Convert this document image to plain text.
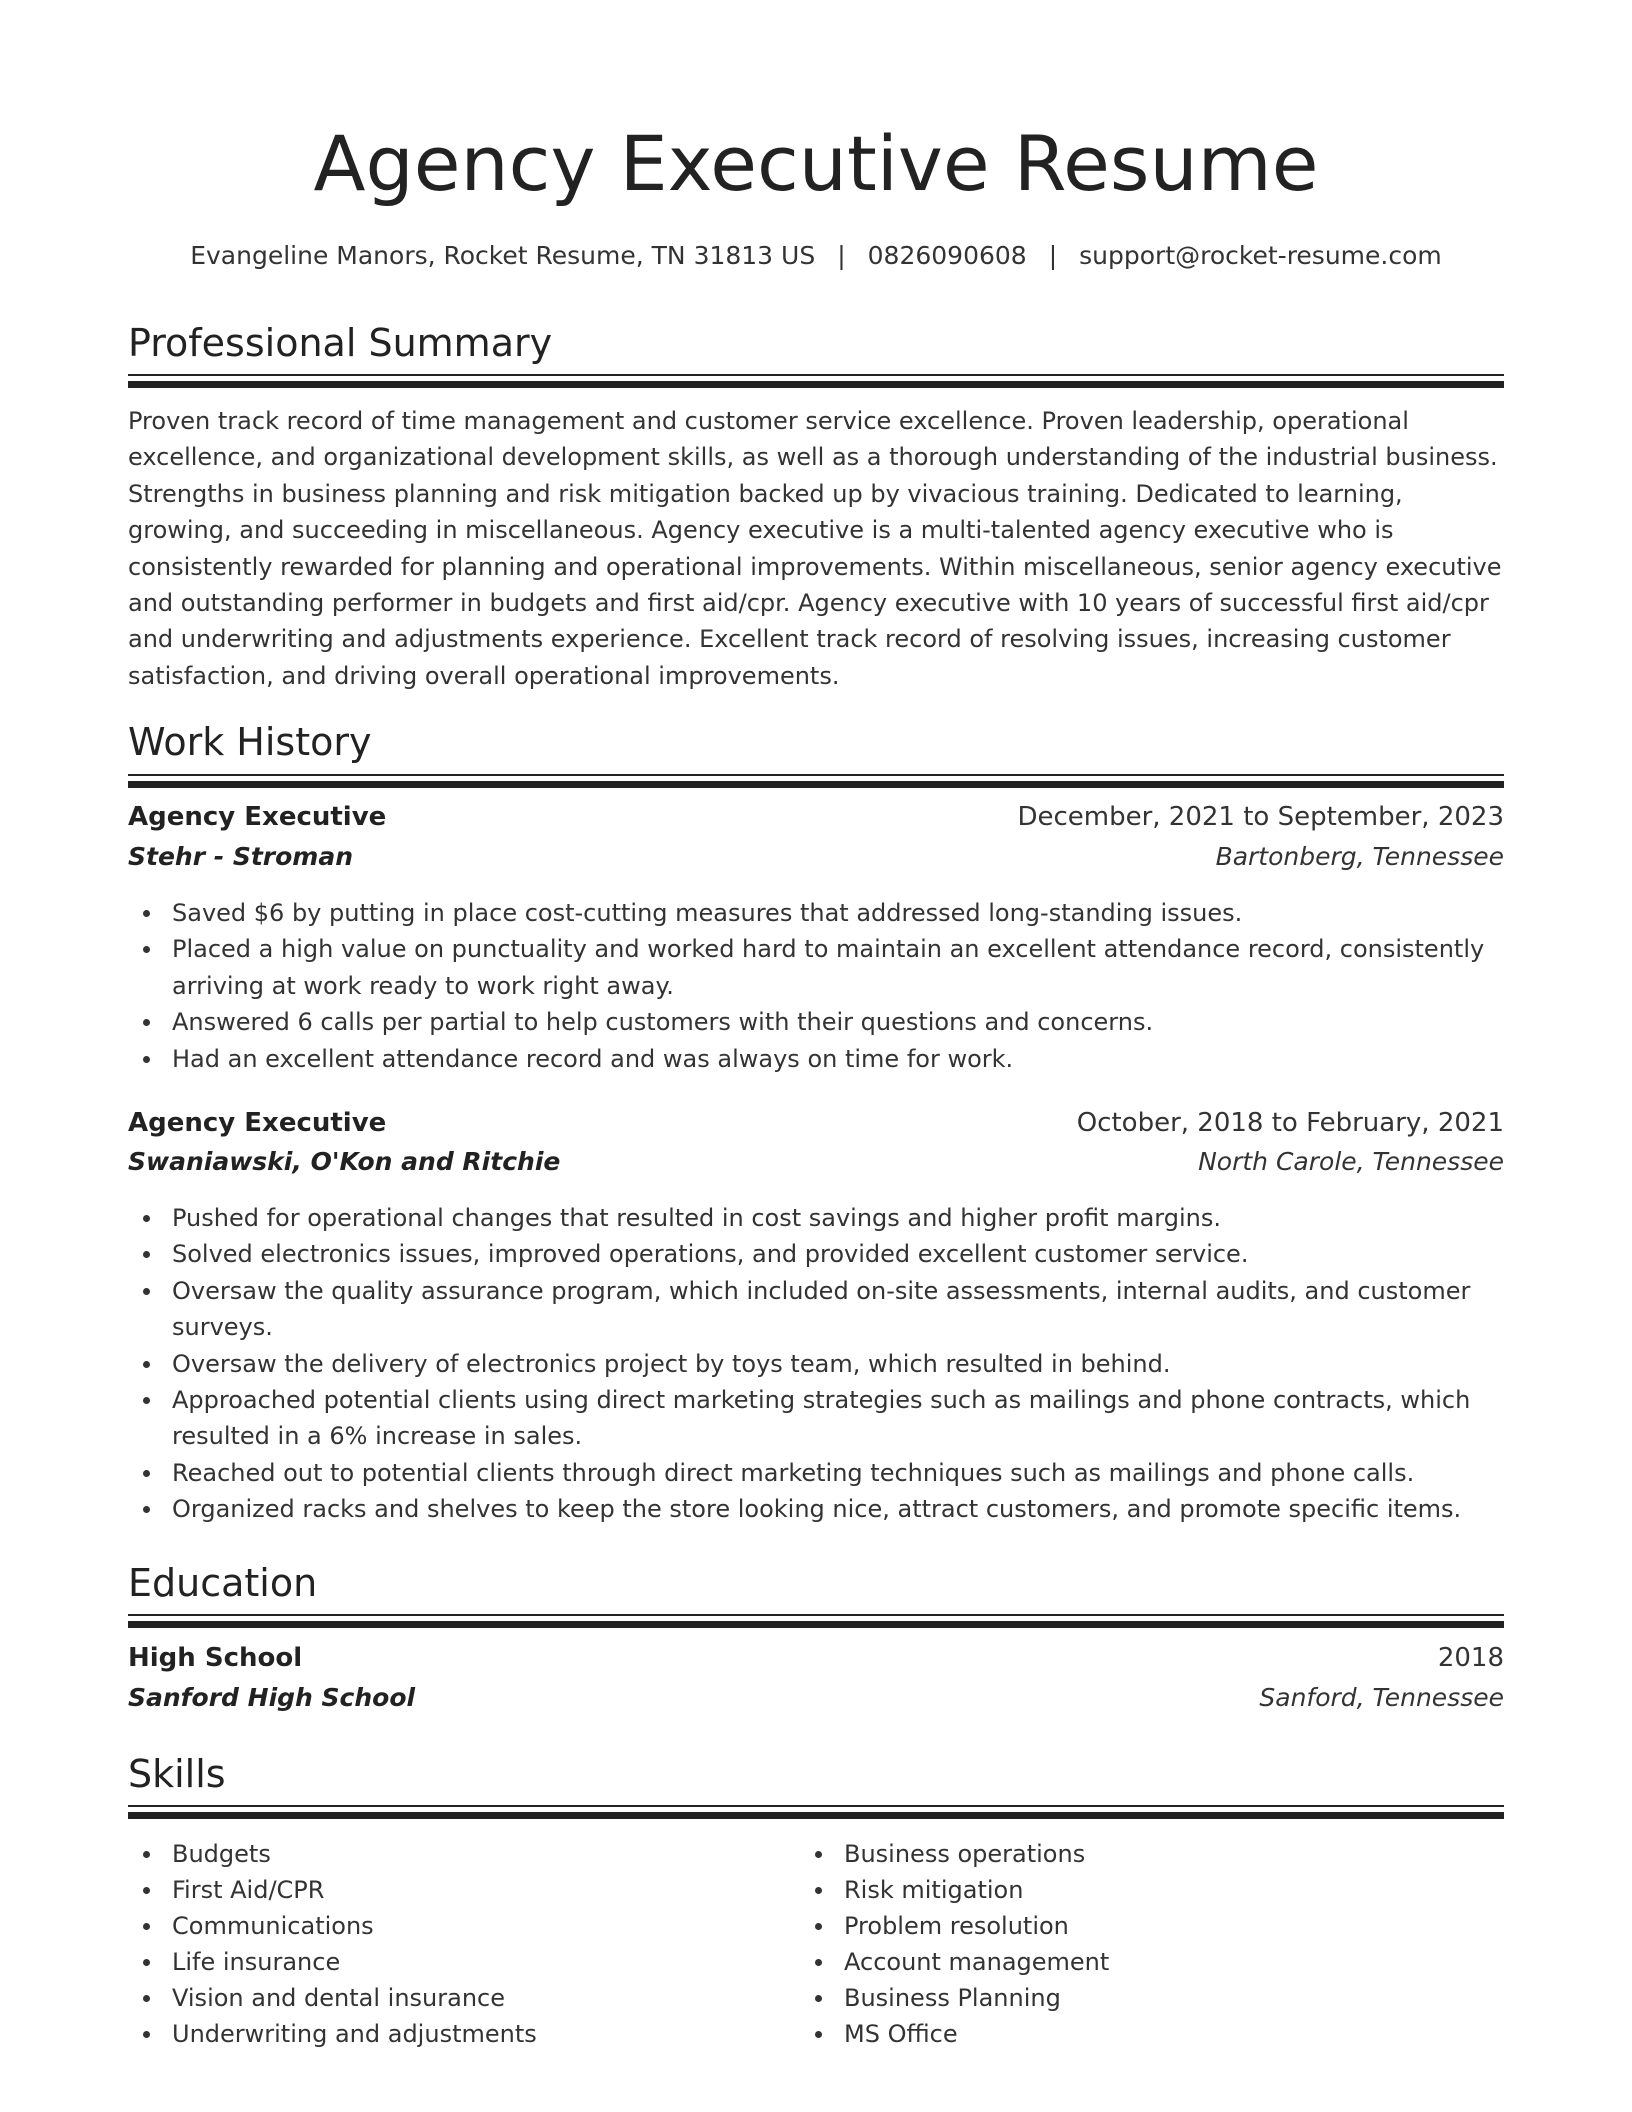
Agency Executive Resume
Evangeline Manors, Rocket Resume, TN 31813 US | 0826090608 | support@rocket-resume.com
Professional Summary
Proven track record of time management and customer service excellence. Proven leadership, operational excellence, and organizational development skills, as well as a thorough understanding of the industrial business. Strengths in business planning and risk mitigation backed up by vivacious training. Dedicated to learning, growing, and succeeding in miscellaneous. Agency executive is a multi-talented agency executive who is consistently rewarded for planning and operational improvements. Within miscellaneous, senior agency executive and outstanding performer in budgets and first aid/cpr. Agency executive with 10 years of successful first aid/cpr and underwriting and adjustments experience. Excellent track record of resolving issues, increasing customer satisfaction, and driving overall operational improvements.
Work History
Agency Executive	December, 2021 to September, 2023
Stehr - Stroman	Bartonberg, Tennessee
Saved $6 by putting in place cost-cutting measures that addressed long-standing issues.
Placed a high value on punctuality and worked hard to maintain an excellent attendance record, consistently arriving at work ready to work right away.
Answered 6 calls per partial to help customers with their questions and concerns.
Had an excellent attendance record and was always on time for work.
Agency Executive	October, 2018 to February, 2021
Swaniawski, O'Kon and Ritchie	North Carole, Tennessee
Pushed for operational changes that resulted in cost savings and higher profit margins.
Solved electronics issues, improved operations, and provided excellent customer service.
Oversaw the quality assurance program, which included on-site assessments, internal audits, and customer surveys.
Oversaw the delivery of electronics project by toys team, which resulted in behind.
Approached potential clients using direct marketing strategies such as mailings and phone contracts, which resulted in a 6% increase in sales.
Reached out to potential clients through direct marketing techniques such as mailings and phone calls.
Organized racks and shelves to keep the store looking nice, attract customers, and promote specific items.
Education
High School	2018
Sanford High School	Sanford, Tennessee
Skills
Budgets
First Aid/CPR
Communications
Life insurance
Vision and dental insurance
Underwriting and adjustments
Business operations
Risk mitigation
Problem resolution
Account management
Business Planning
MS Office
